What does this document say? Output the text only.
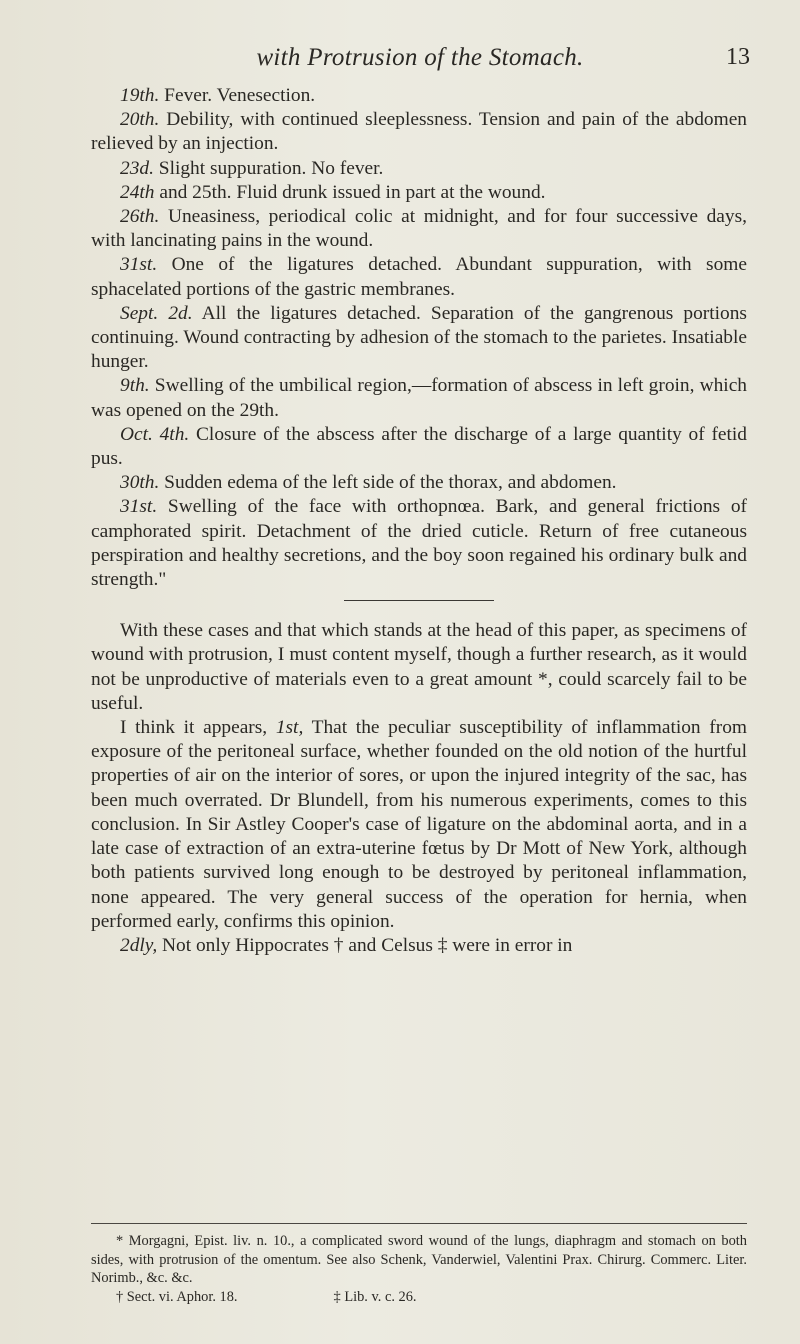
with Protrusion of the Stomach.	13

19th. Fever. Venesection.

20th. Debility, with continued sleeplessness. Tension and pain of the abdomen relieved by an injection.

23d. Slight suppuration. No fever.

24th and 25th. Fluid drunk issued in part at the wound.

26th. Uneasiness, periodical colic at midnight, and for four successive days, with lancinating pains in the wound.

31st. One of the ligatures detached. Abundant suppuration, with some sphacelated portions of the gastric membranes.

Sept. 2d. All the ligatures detached. Separation of the gangrenous portions continuing. Wound contracting by adhesion of the stomach to the parietes. Insatiable hunger.

9th. Swelling of the umbilical region,—formation of abscess in left groin, which was opened on the 29th.

Oct. 4th. Closure of the abscess after the discharge of a large quantity of fetid pus.

30th. Sudden edema of the left side of the thorax, and abdomen.

31st. Swelling of the face with orthopnœa. Bark, and general frictions of camphorated spirit. Detachment of the dried cuticle. Return of free cutaneous perspiration and healthy secretions, and the boy soon regained his ordinary bulk and strength."

With these cases and that which stands at the head of this paper, as specimens of wound with protrusion, I must content myself, though a further research, as it would not be unproductive of materials even to a great amount *, could scarcely fail to be useful.

I think it appears, 1st, That the peculiar susceptibility of inflammation from exposure of the peritoneal surface, whether founded on the old notion of the hurtful properties of air on the interior of sores, or upon the injured integrity of the sac, has been much overrated. Dr Blundell, from his numerous experiments, comes to this conclusion. In Sir Astley Cooper's case of ligature on the abdominal aorta, and in a late case of extraction of an extra-uterine fœtus by Dr Mott of New York, although both patients survived long enough to be destroyed by peritoneal inflammation, none appeared. The very general success of the operation for hernia, when performed early, confirms this opinion.

2dly, Not only Hippocrates † and Celsus ‡ were in error in

* Morgagni, Epist. liv. n. 10., a complicated sword wound of the lungs, diaphragm and stomach on both sides, with protrusion of the omentum. See also Schenk, Vanderwiel, Valentini Prax. Chirurg. Commerc. Liter. Norimb., &c. &c.
† Sect. vi. Aphor. 18.	‡ Lib. v. c. 26.
